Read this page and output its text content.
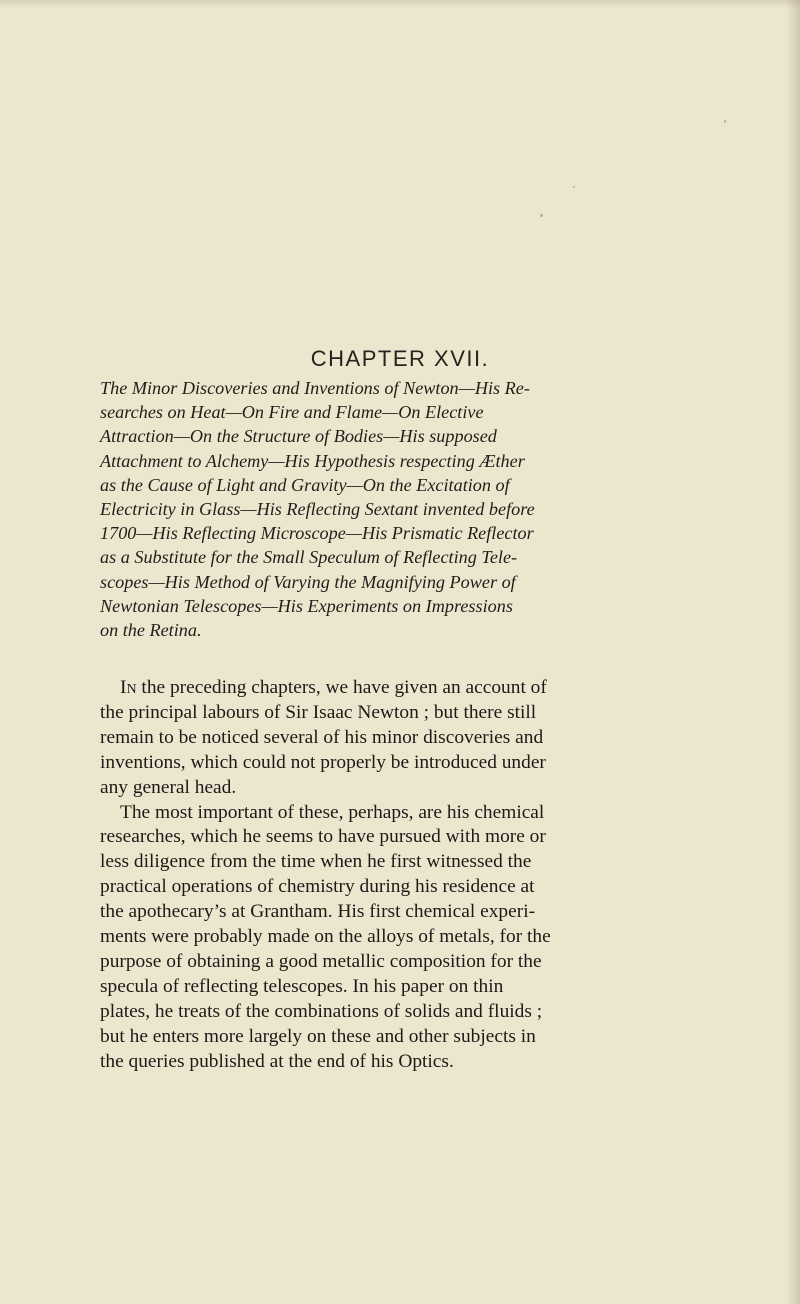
CHAPTER XVII.
The Minor Discoveries and Inventions of Newton—His Re-
searches on Heat—On Fire and Flame—On Elective
Attraction—On the Structure of Bodies—His supposed
Attachment to Alchemy—His Hypothesis respecting Æther
as the Cause of Light and Gravity—On the Excitation of
Electricity in Glass—His Reflecting Sextant invented before
1700—His Reflecting Microscope—His Prismatic Reflector
as a Substitute for the Small Speculum of Reflecting Tele-
scopes—His Method of Varying the Magnifying Power of
Newtonian Telescopes—His Experiments on Impressions
on the Retina.
In the preceding chapters, we have given an account of
the principal labours of Sir Isaac Newton ; but there still
remain to be noticed several of his minor discoveries and
inventions, which could not properly be introduced under
any general head.
The most important of these, perhaps, are his chemical
researches, which he seems to have pursued with more or
less diligence from the time when he first witnessed the
practical operations of chemistry during his residence at
the apothecary’s at Grantham. His first chemical experi-
ments were probably made on the alloys of metals, for the
purpose of obtaining a good metallic composition for the
specula of reflecting telescopes. In his paper on thin
plates, he treats of the combinations of solids and fluids ;
but he enters more largely on these and other subjects in
the queries published at the end of his Optics.
